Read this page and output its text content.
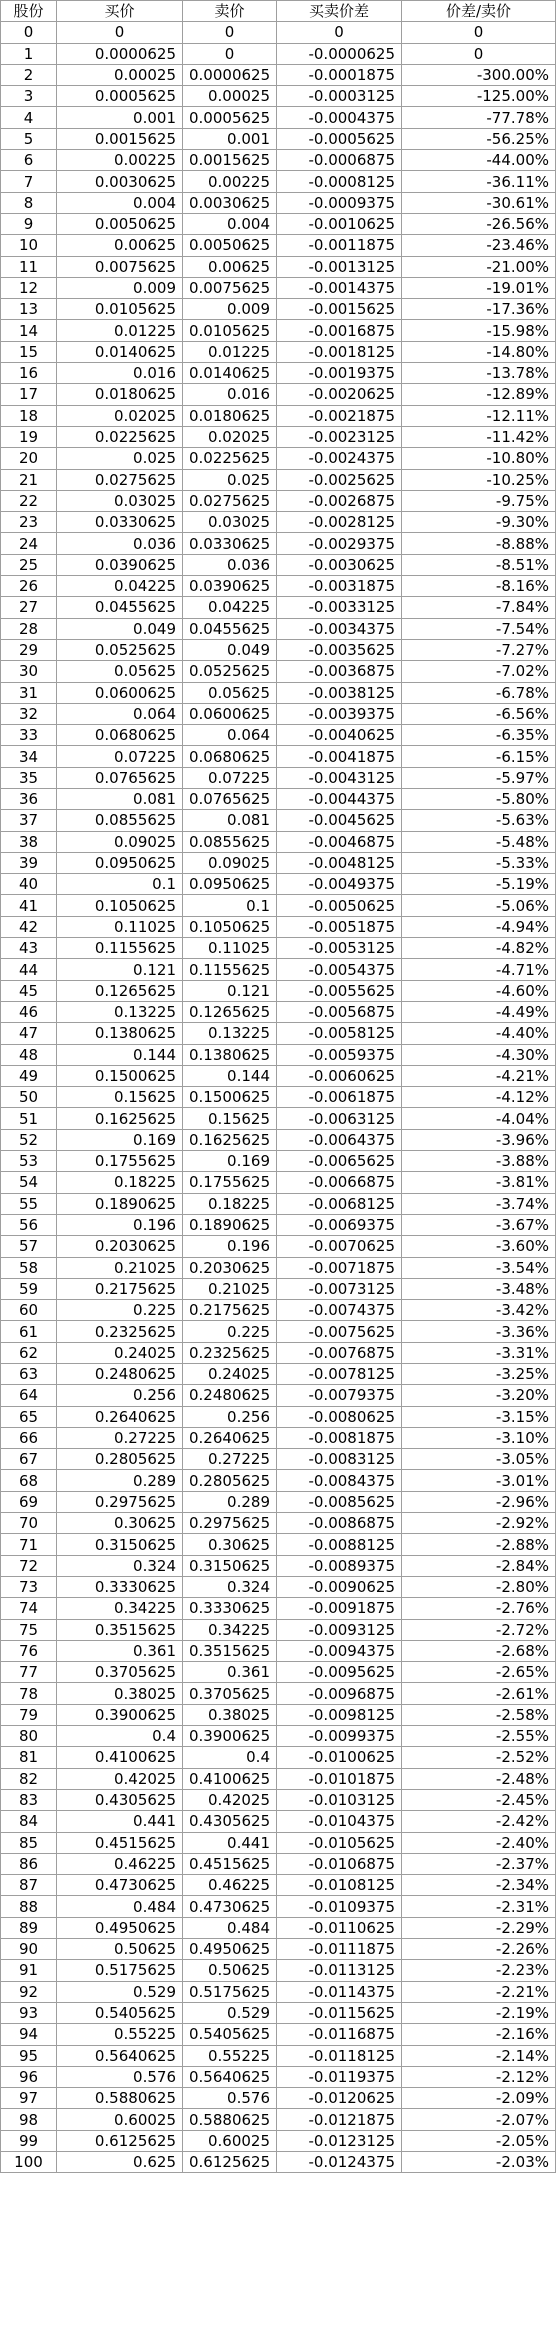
股份	买价	卖价	买卖价差	价差/卖价
0	0	0	0	0
1	0.0000625	0	-0.0000625	0
2	0.00025	0.0000625	-0.0001875	-300.00%
3	0.0005625	0.00025	-0.0003125	-125.00%
4	0.001	0.0005625	-0.0004375	-77.78%
5	0.0015625	0.001	-0.0005625	-56.25%
6	0.00225	0.0015625	-0.0006875	-44.00%
7	0.0030625	0.00225	-0.0008125	-36.11%
8	0.004	0.0030625	-0.0009375	-30.61%
9	0.0050625	0.004	-0.0010625	-26.56%
10	0.00625	0.0050625	-0.0011875	-23.46%
11	0.0075625	0.00625	-0.0013125	-21.00%
12	0.009	0.0075625	-0.0014375	-19.01%
13	0.0105625	0.009	-0.0015625	-17.36%
14	0.01225	0.0105625	-0.0016875	-15.98%
15	0.0140625	0.01225	-0.0018125	-14.80%
16	0.016	0.0140625	-0.0019375	-13.78%
17	0.0180625	0.016	-0.0020625	-12.89%
18	0.02025	0.0180625	-0.0021875	-12.11%
19	0.0225625	0.02025	-0.0023125	-11.42%
20	0.025	0.0225625	-0.0024375	-10.80%
21	0.0275625	0.025	-0.0025625	-10.25%
22	0.03025	0.0275625	-0.0026875	-9.75%
23	0.0330625	0.03025	-0.0028125	-9.30%
24	0.036	0.0330625	-0.0029375	-8.88%
25	0.0390625	0.036	-0.0030625	-8.51%
26	0.04225	0.0390625	-0.0031875	-8.16%
27	0.0455625	0.04225	-0.0033125	-7.84%
28	0.049	0.0455625	-0.0034375	-7.54%
29	0.0525625	0.049	-0.0035625	-7.27%
30	0.05625	0.0525625	-0.0036875	-7.02%
31	0.0600625	0.05625	-0.0038125	-6.78%
32	0.064	0.0600625	-0.0039375	-6.56%
33	0.0680625	0.064	-0.0040625	-6.35%
34	0.07225	0.0680625	-0.0041875	-6.15%
35	0.0765625	0.07225	-0.0043125	-5.97%
36	0.081	0.0765625	-0.0044375	-5.80%
37	0.0855625	0.081	-0.0045625	-5.63%
38	0.09025	0.0855625	-0.0046875	-5.48%
39	0.0950625	0.09025	-0.0048125	-5.33%
40	0.1	0.0950625	-0.0049375	-5.19%
41	0.1050625	0.1	-0.0050625	-5.06%
42	0.11025	0.1050625	-0.0051875	-4.94%
43	0.1155625	0.11025	-0.0053125	-4.82%
44	0.121	0.1155625	-0.0054375	-4.71%
45	0.1265625	0.121	-0.0055625	-4.60%
46	0.13225	0.1265625	-0.0056875	-4.49%
47	0.1380625	0.13225	-0.0058125	-4.40%
48	0.144	0.1380625	-0.0059375	-4.30%
49	0.1500625	0.144	-0.0060625	-4.21%
50	0.15625	0.1500625	-0.0061875	-4.12%
51	0.1625625	0.15625	-0.0063125	-4.04%
52	0.169	0.1625625	-0.0064375	-3.96%
53	0.1755625	0.169	-0.0065625	-3.88%
54	0.18225	0.1755625	-0.0066875	-3.81%
55	0.1890625	0.18225	-0.0068125	-3.74%
56	0.196	0.1890625	-0.0069375	-3.67%
57	0.2030625	0.196	-0.0070625	-3.60%
58	0.21025	0.2030625	-0.0071875	-3.54%
59	0.2175625	0.21025	-0.0073125	-3.48%
60	0.225	0.2175625	-0.0074375	-3.42%
61	0.2325625	0.225	-0.0075625	-3.36%
62	0.24025	0.2325625	-0.0076875	-3.31%
63	0.2480625	0.24025	-0.0078125	-3.25%
64	0.256	0.2480625	-0.0079375	-3.20%
65	0.2640625	0.256	-0.0080625	-3.15%
66	0.27225	0.2640625	-0.0081875	-3.10%
67	0.2805625	0.27225	-0.0083125	-3.05%
68	0.289	0.2805625	-0.0084375	-3.01%
69	0.2975625	0.289	-0.0085625	-2.96%
70	0.30625	0.2975625	-0.0086875	-2.92%
71	0.3150625	0.30625	-0.0088125	-2.88%
72	0.324	0.3150625	-0.0089375	-2.84%
73	0.3330625	0.324	-0.0090625	-2.80%
74	0.34225	0.3330625	-0.0091875	-2.76%
75	0.3515625	0.34225	-0.0093125	-2.72%
76	0.361	0.3515625	-0.0094375	-2.68%
77	0.3705625	0.361	-0.0095625	-2.65%
78	0.38025	0.3705625	-0.0096875	-2.61%
79	0.3900625	0.38025	-0.0098125	-2.58%
80	0.4	0.3900625	-0.0099375	-2.55%
81	0.4100625	0.4	-0.0100625	-2.52%
82	0.42025	0.4100625	-0.0101875	-2.48%
83	0.4305625	0.42025	-0.0103125	-2.45%
84	0.441	0.4305625	-0.0104375	-2.42%
85	0.4515625	0.441	-0.0105625	-2.40%
86	0.46225	0.4515625	-0.0106875	-2.37%
87	0.4730625	0.46225	-0.0108125	-2.34%
88	0.484	0.4730625	-0.0109375	-2.31%
89	0.4950625	0.484	-0.0110625	-2.29%
90	0.50625	0.4950625	-0.0111875	-2.26%
91	0.5175625	0.50625	-0.0113125	-2.23%
92	0.529	0.5175625	-0.0114375	-2.21%
93	0.5405625	0.529	-0.0115625	-2.19%
94	0.55225	0.5405625	-0.0116875	-2.16%
95	0.5640625	0.55225	-0.0118125	-2.14%
96	0.576	0.5640625	-0.0119375	-2.12%
97	0.5880625	0.576	-0.0120625	-2.09%
98	0.60025	0.5880625	-0.0121875	-2.07%
99	0.6125625	0.60025	-0.0123125	-2.05%
100	0.625	0.6125625	-0.0124375	-2.03%
